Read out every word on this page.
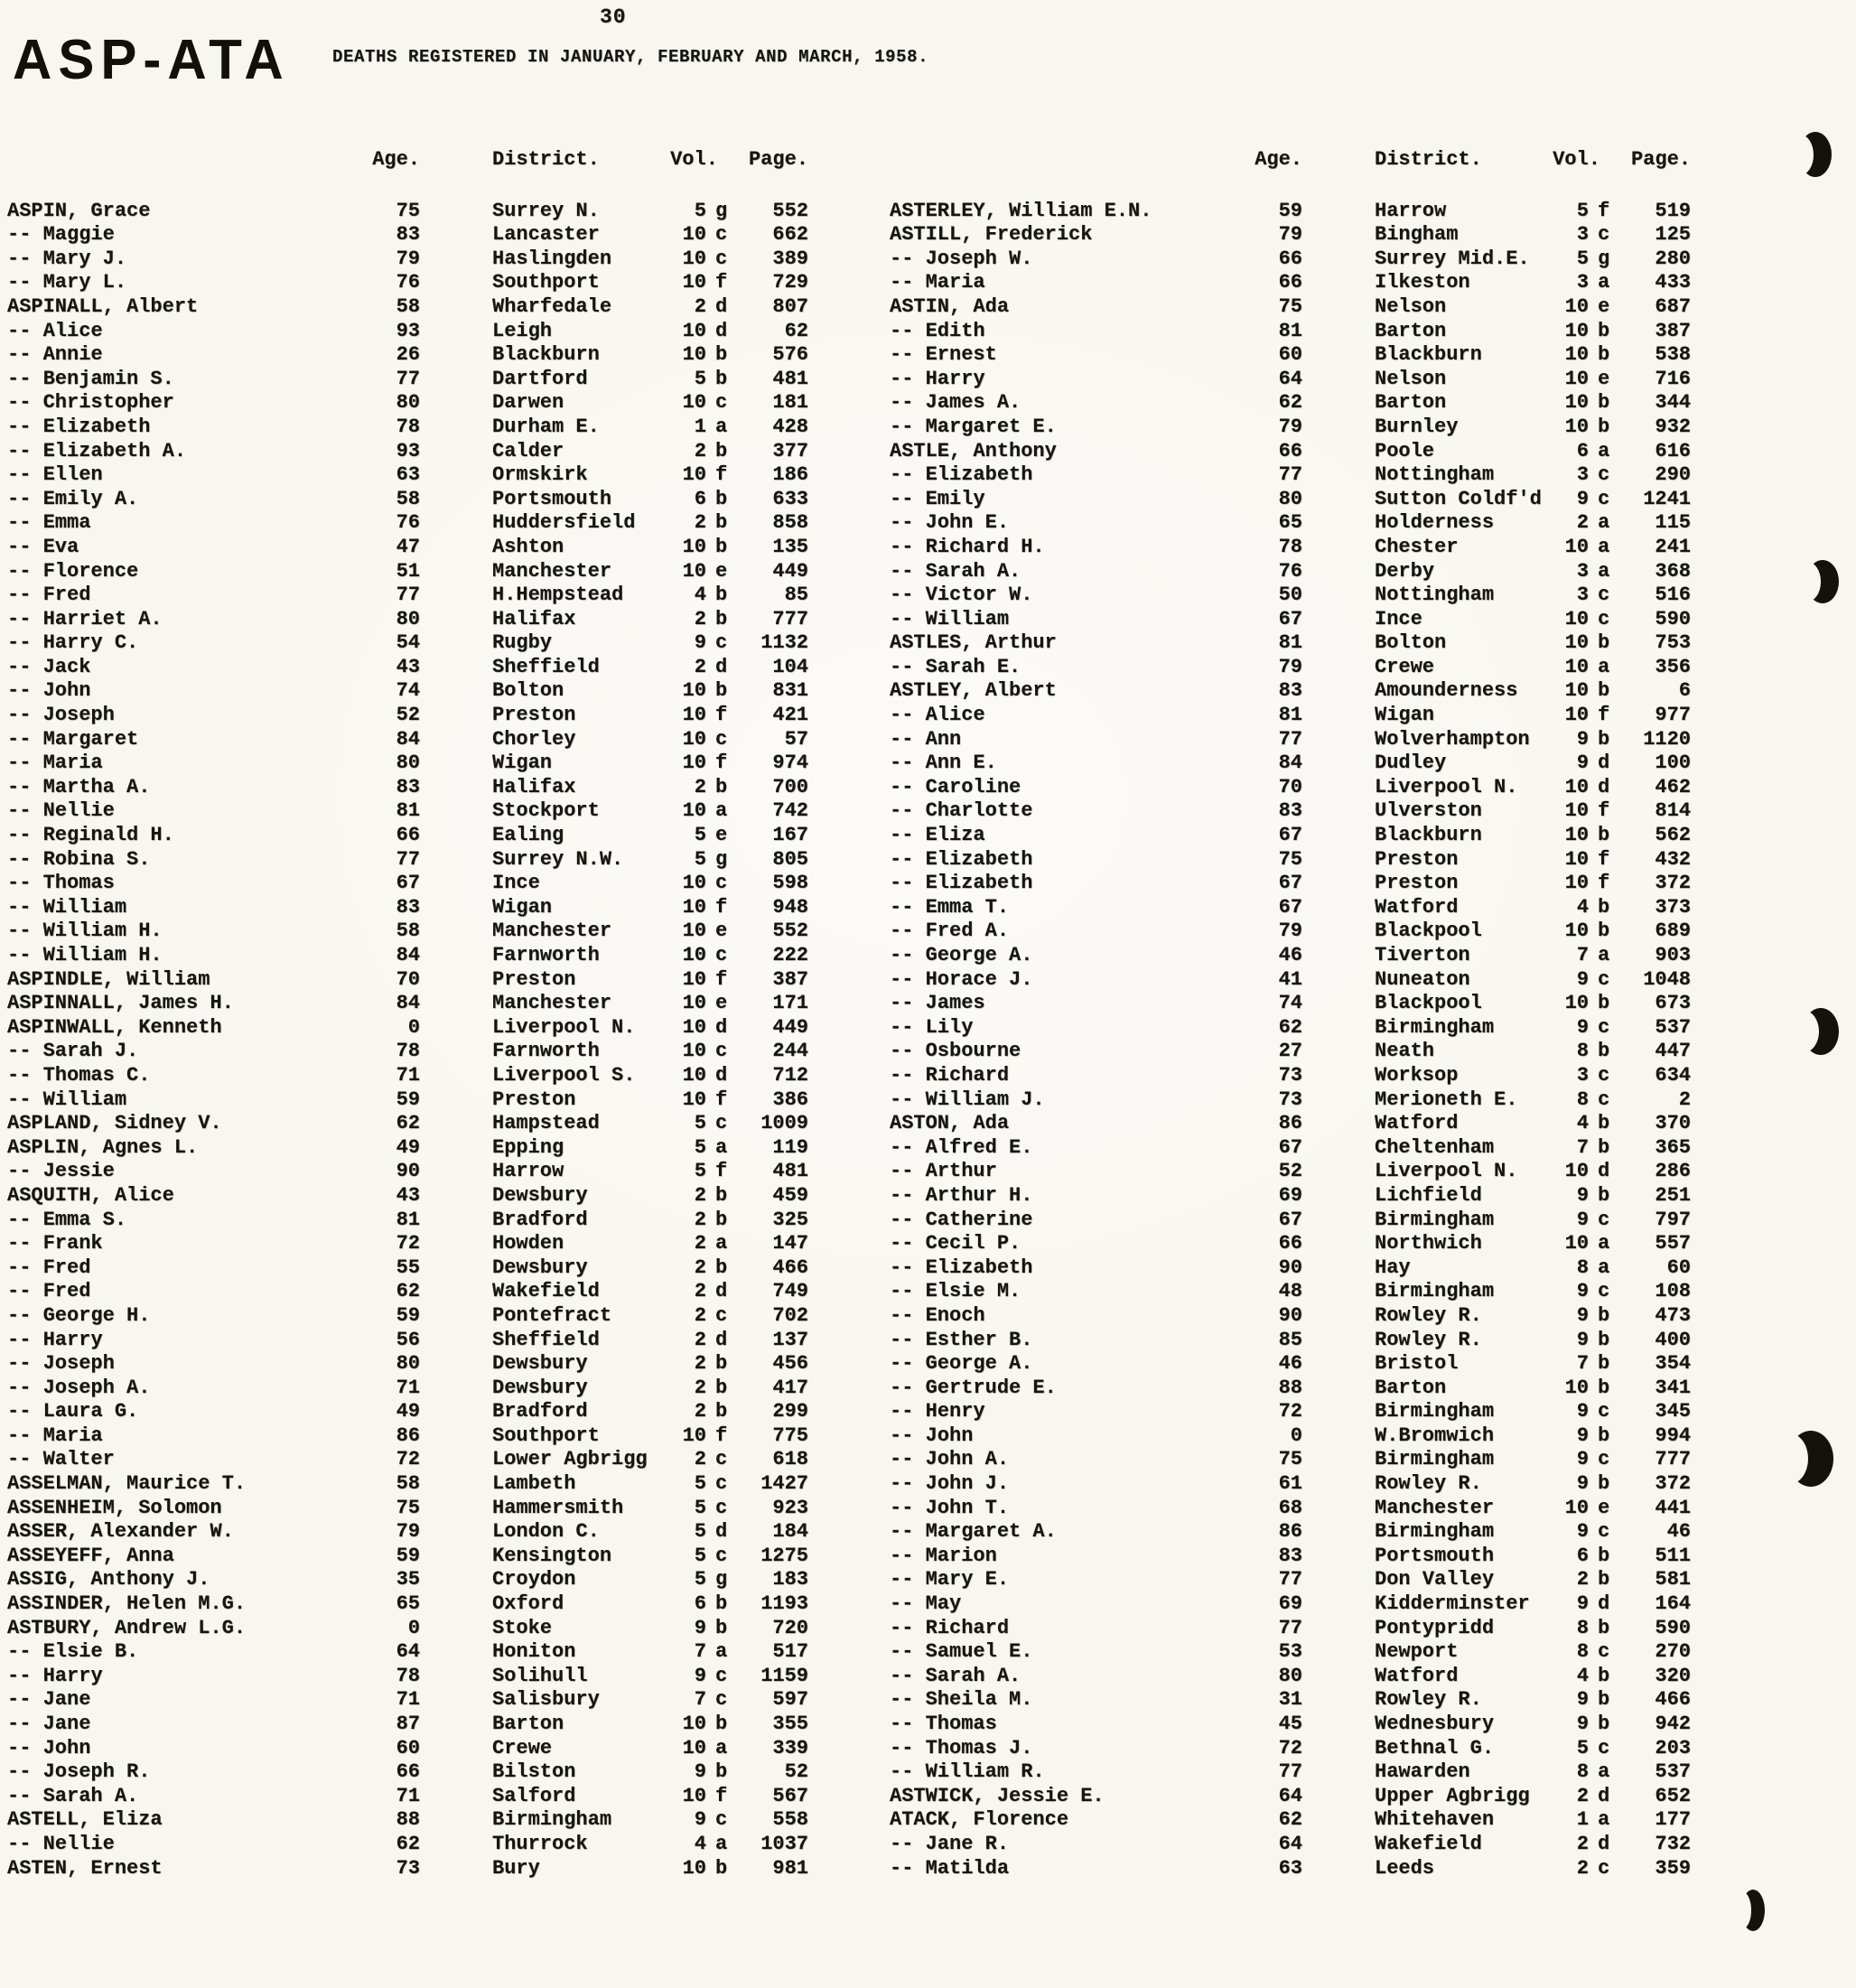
30
ASP-ATA DEATHS REGISTERED IN JANUARY, FEBRUARY AND MARCH, 1958.
Age.	District.	Vol.	Page.
ASPIN, Grace	75	Surrey N.	5 g	552
-- Maggie	83	Lancaster	10 c	662
-- Mary J.	79	Haslingden	10 c	389
-- Mary L.	76	Southport	10 f	729
ASPINALL, Albert	58	Wharfedale	2 d	807
-- Alice	93	Leigh	10 d	62
-- Annie	26	Blackburn	10 b	576
-- Benjamin S.	77	Dartford	5 b	481
-- Christopher	80	Darwen	10 c	181
-- Elizabeth	78	Durham E.	1 a	428
-- Elizabeth A.	93	Calder	2 b	377
-- Ellen	63	Ormskirk	10 f	186
-- Emily A.	58	Portsmouth	6 b	633
-- Emma	76	Huddersfield	2 b	858
-- Eva	47	Ashton	10 b	135
-- Florence	51	Manchester	10 e	449
-- Fred	77	H.Hempstead	4 b	85
-- Harriet A.	80	Halifax	2 b	777
-- Harry C.	54	Rugby	9 c	1132
-- Jack	43	Sheffield	2 d	104
-- John	74	Bolton	10 b	831
-- Joseph	52	Preston	10 f	421
-- Margaret	84	Chorley	10 c	57
-- Maria	80	Wigan	10 f	974
-- Martha A.	83	Halifax	2 b	700
-- Nellie	81	Stockport	10 a	742
-- Reginald H.	66	Ealing	5 e	167
-- Robina S.	77	Surrey N.W.	5 g	805
-- Thomas	67	Ince	10 c	598
-- William	83	Wigan	10 f	948
-- William H.	58	Manchester	10 e	552
-- William H.	84	Farnworth	10 c	222
ASPINDLE, William	70	Preston	10 f	387
ASPINNALL, James H.	84	Manchester	10 e	171
ASPINWALL, Kenneth	0	Liverpool N.	10 d	449
-- Sarah J.	78	Farnworth	10 c	244
-- Thomas C.	71	Liverpool S.	10 d	712
-- William	59	Preston	10 f	386
ASPLAND, Sidney V.	62	Hampstead	5 c	1009
ASPLIN, Agnes L.	49	Epping	5 a	119
-- Jessie	90	Harrow	5 f	481
ASQUITH, Alice	43	Dewsbury	2 b	459
-- Emma S.	81	Bradford	2 b	325
-- Frank	72	Howden	2 a	147
-- Fred	55	Dewsbury	2 b	466
-- Fred	62	Wakefield	2 d	749
-- George H.	59	Pontefract	2 c	702
-- Harry	56	Sheffield	2 d	137
-- Joseph	80	Dewsbury	2 b	456
-- Joseph A.	71	Dewsbury	2 b	417
-- Laura G.	49	Bradford	2 b	299
-- Maria	86	Southport	10 f	775
-- Walter	72	Lower Agbrigg	2 c	618
ASSELMAN, Maurice T.	58	Lambeth	5 c	1427
ASSENHEIM, Solomon	75	Hammersmith	5 c	923
ASSER, Alexander W.	79	London C.	5 d	184
ASSEYEFF, Anna	59	Kensington	5 c	1275
ASSIG, Anthony J.	35	Croydon	5 g	183
ASSINDER, Helen M.G.	65	Oxford	6 b	1193
ASTBURY, Andrew L.G.	0	Stoke	9 b	720
-- Elsie B.	64	Honiton	7 a	517
-- Harry	78	Solihull	9 c	1159
-- Jane	71	Salisbury	7 c	597
-- Jane	87	Barton	10 b	355
-- John	60	Crewe	10 a	339
-- Joseph R.	66	Bilston	9 b	52
-- Sarah A.	71	Salford	10 f	567
ASTELL, Eliza	88	Birmingham	9 c	558
-- Nellie	62	Thurrock	4 a	1037
ASTEN, Ernest	73	Bury	10 b	981
Age.	District.	Vol.	Page.
ASTERLEY, William E.N.	59	Harrow	5 f	519
ASTILL, Frederick	79	Bingham	3 c	125
-- Joseph W.	66	Surrey Mid.E.	5 g	280
-- Maria	66	Ilkeston	3 a	433
ASTIN, Ada	75	Nelson	10 e	687
-- Edith	81	Barton	10 b	387
-- Ernest	60	Blackburn	10 b	538
-- Harry	64	Nelson	10 e	716
-- James A.	62	Barton	10 b	344
-- Margaret E.	79	Burnley	10 b	932
ASTLE, Anthony	66	Poole	6 a	616
-- Elizabeth	77	Nottingham	3 c	290
-- Emily	80	Sutton Coldf'd	9 c	1241
-- John E.	65	Holderness	2 a	115
-- Richard H.	78	Chester	10 a	241
-- Sarah A.	76	Derby	3 a	368
-- Victor W.	50	Nottingham	3 c	516
-- William	67	Ince	10 c	590
ASTLES, Arthur	81	Bolton	10 b	753
-- Sarah E.	79	Crewe	10 a	356
ASTLEY, Albert	83	Amounderness	10 b	6
-- Alice	81	Wigan	10 f	977
-- Ann	77	Wolverhampton	9 b	1120
-- Ann E.	84	Dudley	9 d	100
-- Caroline	70	Liverpool N.	10 d	462
-- Charlotte	83	Ulverston	10 f	814
-- Eliza	67	Blackburn	10 b	562
-- Elizabeth	75	Preston	10 f	432
-- Elizabeth	67	Preston	10 f	372
-- Emma T.	67	Watford	4 b	373
-- Fred A.	79	Blackpool	10 b	689
-- George A.	46	Tiverton	7 a	903
-- Horace J.	41	Nuneaton	9 c	1048
-- James	74	Blackpool	10 b	673
-- Lily	62	Birmingham	9 c	537
-- Osbourne	27	Neath	8 b	447
-- Richard	73	Worksop	3 c	634
-- William J.	73	Merioneth E.	8 c	2
ASTON, Ada	86	Watford	4 b	370
-- Alfred E.	67	Cheltenham	7 b	365
-- Arthur	52	Liverpool N.	10 d	286
-- Arthur H.	69	Lichfield	9 b	251
-- Catherine	67	Birmingham	9 c	797
-- Cecil P.	66	Northwich	10 a	557
-- Elizabeth	90	Hay	8 a	60
-- Elsie M.	48	Birmingham	9 c	108
-- Enoch	90	Rowley R.	9 b	473
-- Esther B.	85	Rowley R.	9 b	400
-- George A.	46	Bristol	7 b	354
-- Gertrude E.	88	Barton	10 b	341
-- Henry	72	Birmingham	9 c	345
-- John	0	W.Bromwich	9 b	994
-- John A.	75	Birmingham	9 c	777
-- John J.	61	Rowley R.	9 b	372
-- John T.	68	Manchester	10 e	441
-- Margaret A.	86	Birmingham	9 c	46
-- Marion	83	Portsmouth	6 b	511
-- Mary E.	77	Don Valley	2 b	581
-- May	69	Kidderminster	9 d	164
-- Richard	77	Pontypridd	8 b	590
-- Samuel E.	53	Newport	8 c	270
-- Sarah A.	80	Watford	4 b	320
-- Sheila M.	31	Rowley R.	9 b	466
-- Thomas	45	Wednesbury	9 b	942
-- Thomas J.	72	Bethnal G.	5 c	203
-- William R.	77	Hawarden	8 a	537
ASTWICK, Jessie E.	64	Upper Agbrigg	2 d	652
ATACK, Florence	62	Whitehaven	1 a	177
-- Jane R.	64	Wakefield	2 d	732
-- Matilda	63	Leeds	2 c	359
